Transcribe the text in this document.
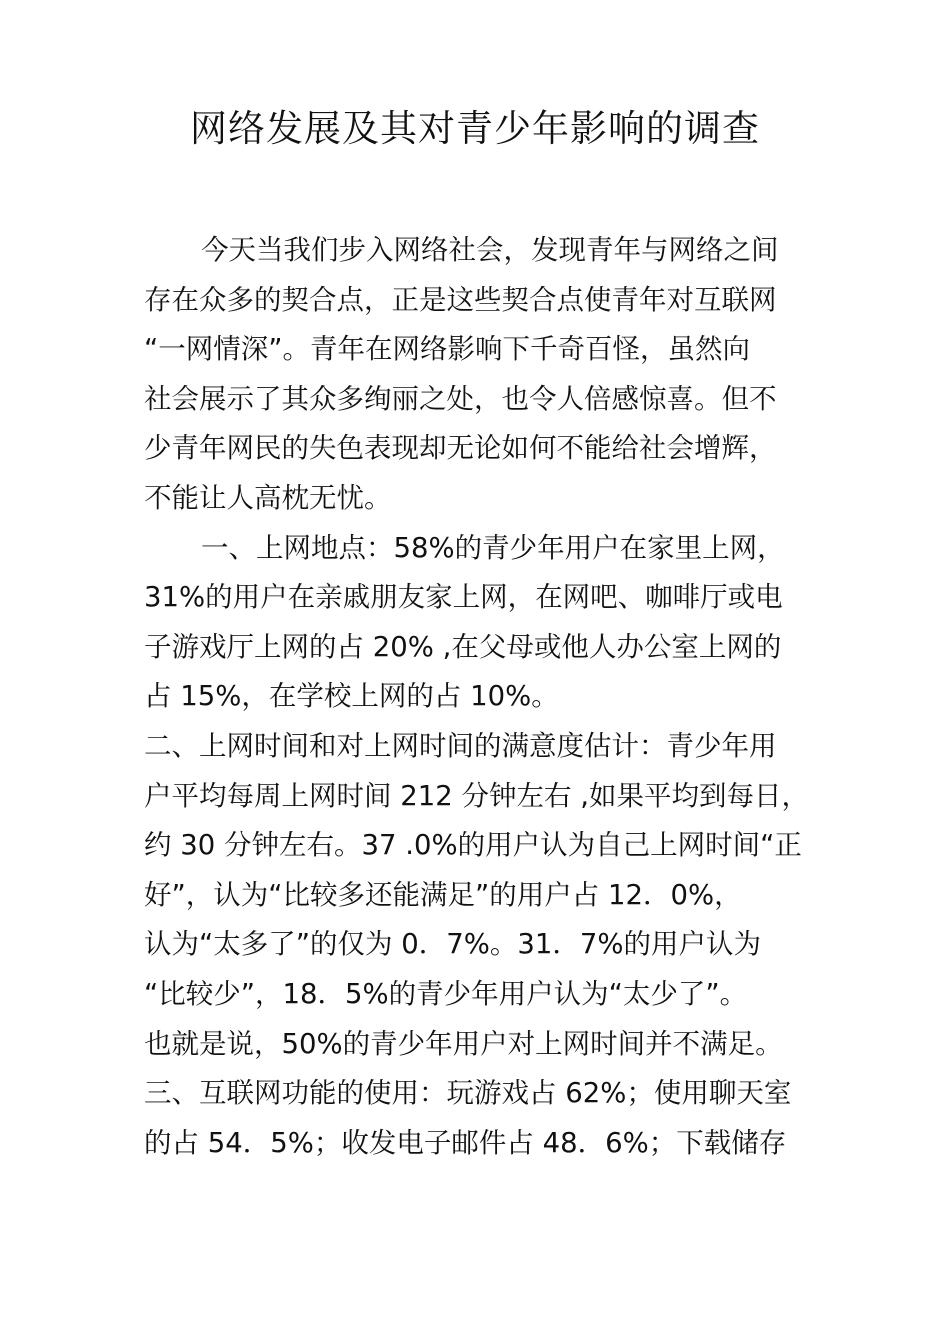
网络发展及其对青少年影响的调查

今天当我们步入网络社会，发现青年与网络之间

存在众多的契合点，正是这些契合点使青年对互联网

“一网情深”。青年在网络影响下千奇百怪，虽然向

社会展示了其众多绚丽之处，也令人倍感惊喜。但不

少青年网民的失色表现却无论如何不能给社会增辉，

不能让人高枕无忧。

一、上网地点：58%的青少年用户在家里上网，

31%的用户在亲戚朋友家上网，在网吧、咖啡厅或电

子游戏厅上网的占 20% ,在父母或他人办公室上网的

占 15%，在学校上网的占 10%。

二、上网时间和对上网时间的满意度估计：青少年用

户平均每周上网时间 212 分钟左右 ,如果平均到每日，

约 30 分钟左右。37 .0%的用户认为自己上网时间“正

好”，认为“比较多还能满足”的用户占 12．0%，

认为“太多了”的仅为 0．7%。31．7%的用户认为

“比较少”，18．5%的青少年用户认为“太少了”。

也就是说，50%的青少年用户对上网时间并不满足。

三、互联网功能的使用：玩游戏占 62%；使用聊天室

的占 54．5%；收发电子邮件占 48．6%；下载储存
